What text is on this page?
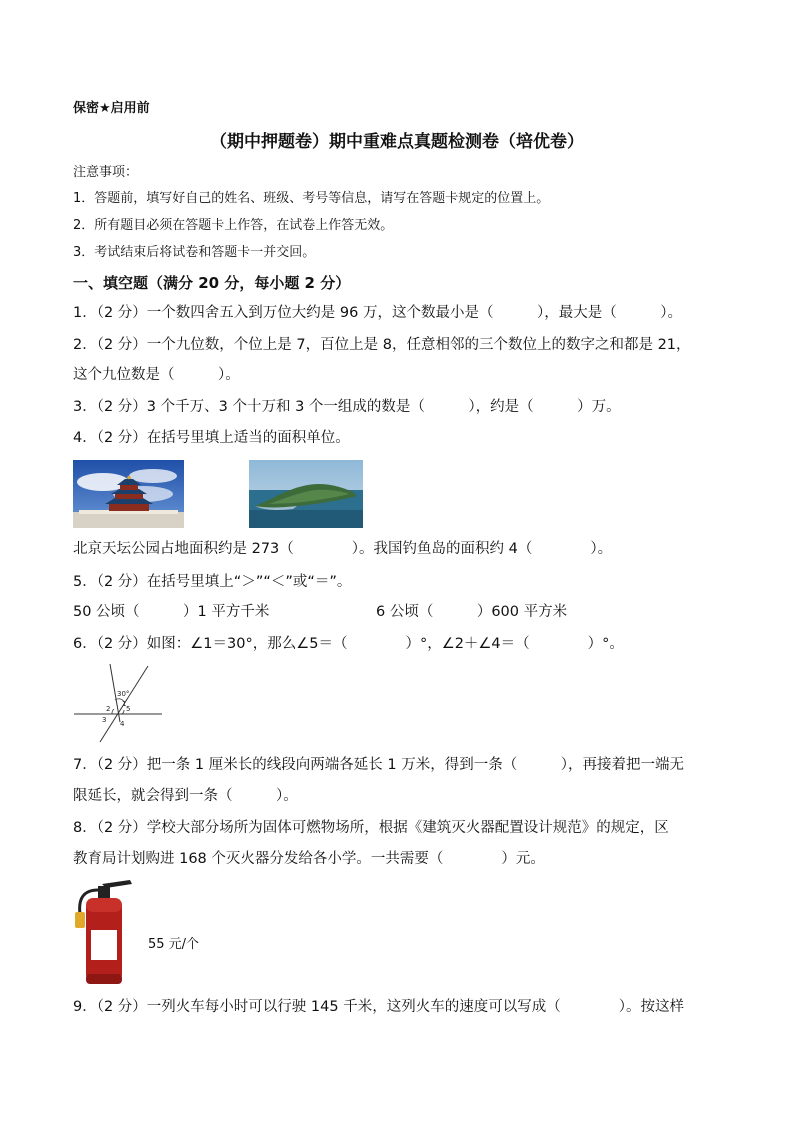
保密★启用前
（期中押题卷）期中重难点真题检测卷（培优卷）
注意事项：
1．答题前，填写好自己的姓名、班级、考号等信息，请写在答题卡规定的位置上。
2．所有题目必须在答题卡上作答，在试卷上作答无效。
3．考试结束后将试卷和答题卡一并交回。
一、填空题（满分 20 分，每小题 2 分）
1．（2 分）一个数四舍五入到万位大约是 96 万，这个数最小是（　　　），最大是（　　　）。
2．（2 分）一个九位数，个位上是 7，百位上是 8，任意相邻的三个数位上的数字之和都是 21，
这个九位数是（　　　）。
3．（2 分）3 个千万、3 个十万和 3 个一组成的数是（　　　），约是（　　　）万。
4．（2 分）在括号里填上适当的面积单位。
北京天坛公园占地面积约是 273（　　　　）。我国钓鱼岛的面积约 4（　　　　）。
5．（2 分）在括号里填上“＞”“＜”或“＝”。
50 公顷（　　　）1 平方千米	6 公顷（　　　）600 平方米
6．（2 分）如图：∠1＝30°，那么∠5＝（　　　　）°，∠2＋∠4＝（　　　　）°。
30°
1
2 5
3 4
7．（2 分）把一条 1 厘米长的线段向两端各延长 1 万米，得到一条（　　　），再接着把一端无
限延长，就会得到一条（　　　）。
8．（2 分）学校大部分场所为固体可燃物场所，根据《建筑灭火器配置设计规范》的规定，区
教育局计划购进 168 个灭火器分发给各小学。一共需要（　　　　）元。
55 元/个
9．（2 分）一列火车每小时可以行驶 145 千米，这列火车的速度可以写成（　　　　）。按这样
